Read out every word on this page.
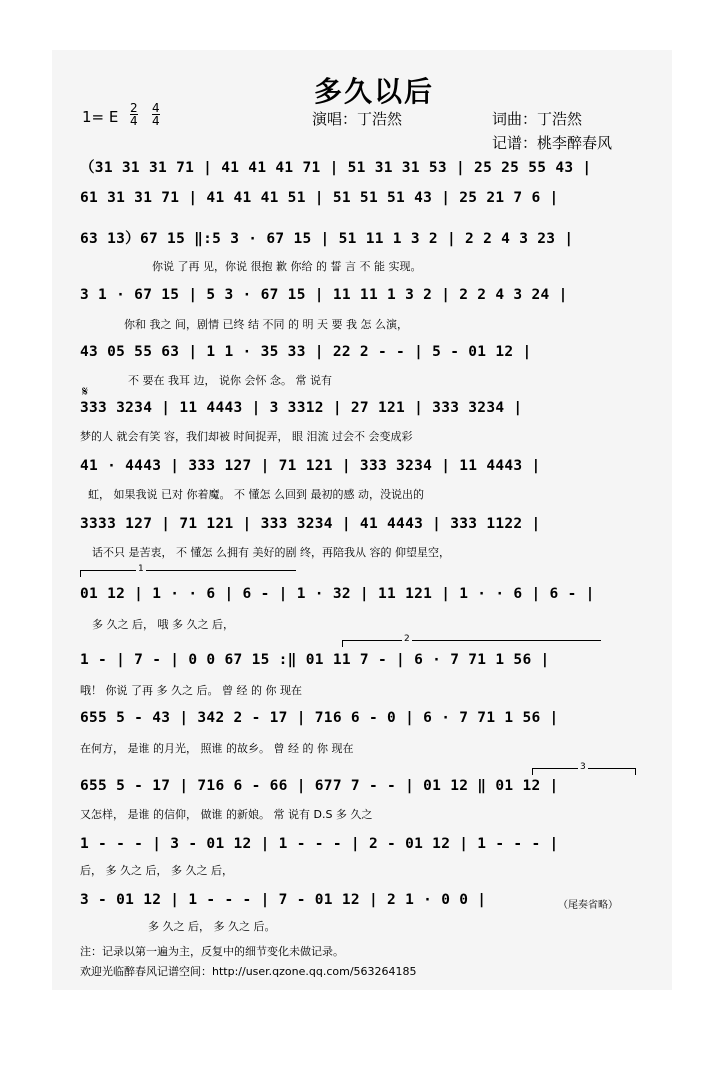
多久以后
1= E 2
4
4
4	演唱：丁浩然	词曲：丁浩然
记谱：桃李醉春风
（31 31 31 71 | 41 41 41 71 | 51 31 31 53 | 25 25 55 43 |
61 31 31 71 | 41 41 41 51 | 51 51 51 43 | 25 21 7 6 |
63 13）67 15 ‖:5 3 · 67 15 | 51 11 1 3 2 | 2 2 4 3 23 |
你说 了再 见，你说 很抱 歉 你给 的 誓 言 不 能 实现。
3 1 · 67 15 | 5 3 · 67 15 | 11 11 1 3 2 | 2 2 4 3 24 |
你和 我之 间，剧情 已终 结 不同 的 明 天 要 我 怎 么演，
43 05 55 63 | 1 1 · 35 33 | 22 2 - - | 5 - 01 12 |
不 要在 我耳 边， 说你 会怀 念。 常 说有
𝄋
333 3234 | 11 4443 | 3 3312 | 27 121 | 333 3234 |
梦的人 就会有笑 容，我们却被 时间捉弄， 眼 泪流 过会不 会变成彩
41 · 4443 | 333 127 | 71 121 | 333 3234 | 11 4443 |
虹， 如果我说 已对 你着魔。 不 懂怎 么回到 最初的感 动，没说出的
3333 127 | 71 121 | 333 3234 | 41 4443 | 333 1122 |
话不只 是苦衷， 不 懂怎 么拥有 美好的剧 终，再陪我从 容的 仰望星空，
1
01 12 | 1 · · 6 | 6 - | 1 · 32 | 11 121 | 1 · · 6 | 6 - |
多 久之 后， 哦 多 久之 后，
2
1 - | 7 - | 0 0 67 15 :‖ 01 11 7 - | 6 · 7 71 1 56 |
哦！ 你说 了再 多 久之 后。 曾 经 的 你 现在
655 5 - 43 | 342 2 - 17 | 716 6 - 0 | 6 · 7 71 1 56 |
在何方， 是谁 的月光， 照谁 的故乡。 曾 经 的 你 现在
3
655 5 - 17 | 716 6 - 66 | 677 7 - - | 01 12 ‖ 01 12 |
又怎样， 是谁 的信仰， 做谁 的新娘。 常 说有 D.S 多 久之
1 - - - | 3 - 01 12 | 1 - - - | 2 - 01 12 | 1 - - - |
后， 多 久之 后， 多 久之 后，
3 - 01 12 | 1 - - - | 7 - 01 12 | 2 1 · 0 0 |
多 久之 后， 多 久之 后。
（尾奏省略）
注：记录以第一遍为主，反复中的细节变化未做记录。
欢迎光临醉春风记谱空间：http://user.qzone.qq.com/563264185
